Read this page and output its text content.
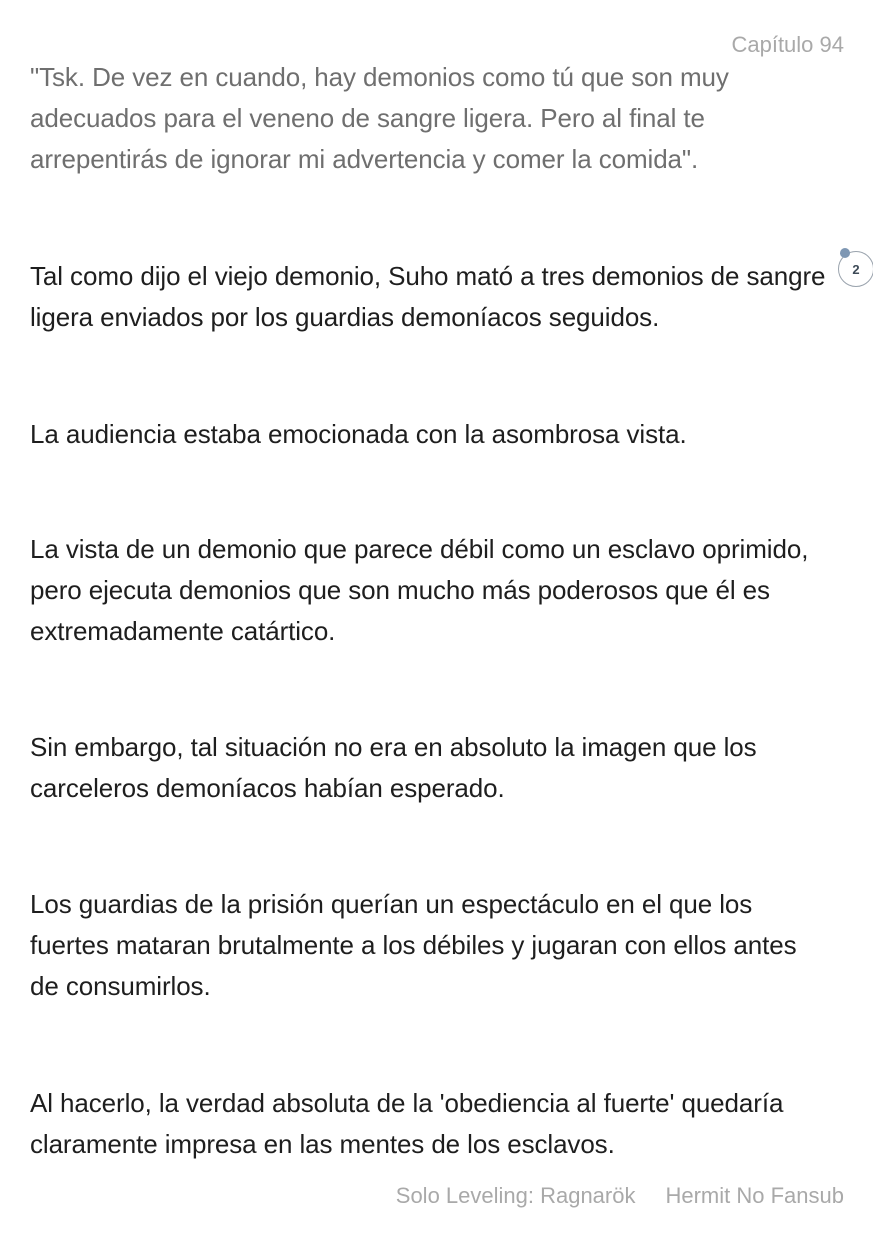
Capítulo 94

"Tsk. De vez en cuando, hay demonios como tú que son muy adecuados para el veneno de sangre ligera. Pero al final te arrepentirás de ignorar mi advertencia y comer la comida".

Tal como dijo el viejo demonio, Suho mató a tres demonios de sangre ligera enviados por los guardias demoníacos seguidos.

La audiencia estaba emocionada con la asombrosa vista.

La vista de un demonio que parece débil como un esclavo oprimido, pero ejecuta demonios que son mucho más poderosos que él es extremadamente catártico.

Sin embargo, tal situación no era en absoluto la imagen que los carceleros demoníacos habían esperado.

Los guardias de la prisión querían un espectáculo en el que los fuertes mataran brutalmente a los débiles y jugaran con ellos antes de consumirlos.

Al hacerlo, la verdad absoluta de la 'obediencia al fuerte' quedaría claramente impresa en las mentes de los esclavos.

2
Solo Leveling: Ragnarök Hermit No Fansub
